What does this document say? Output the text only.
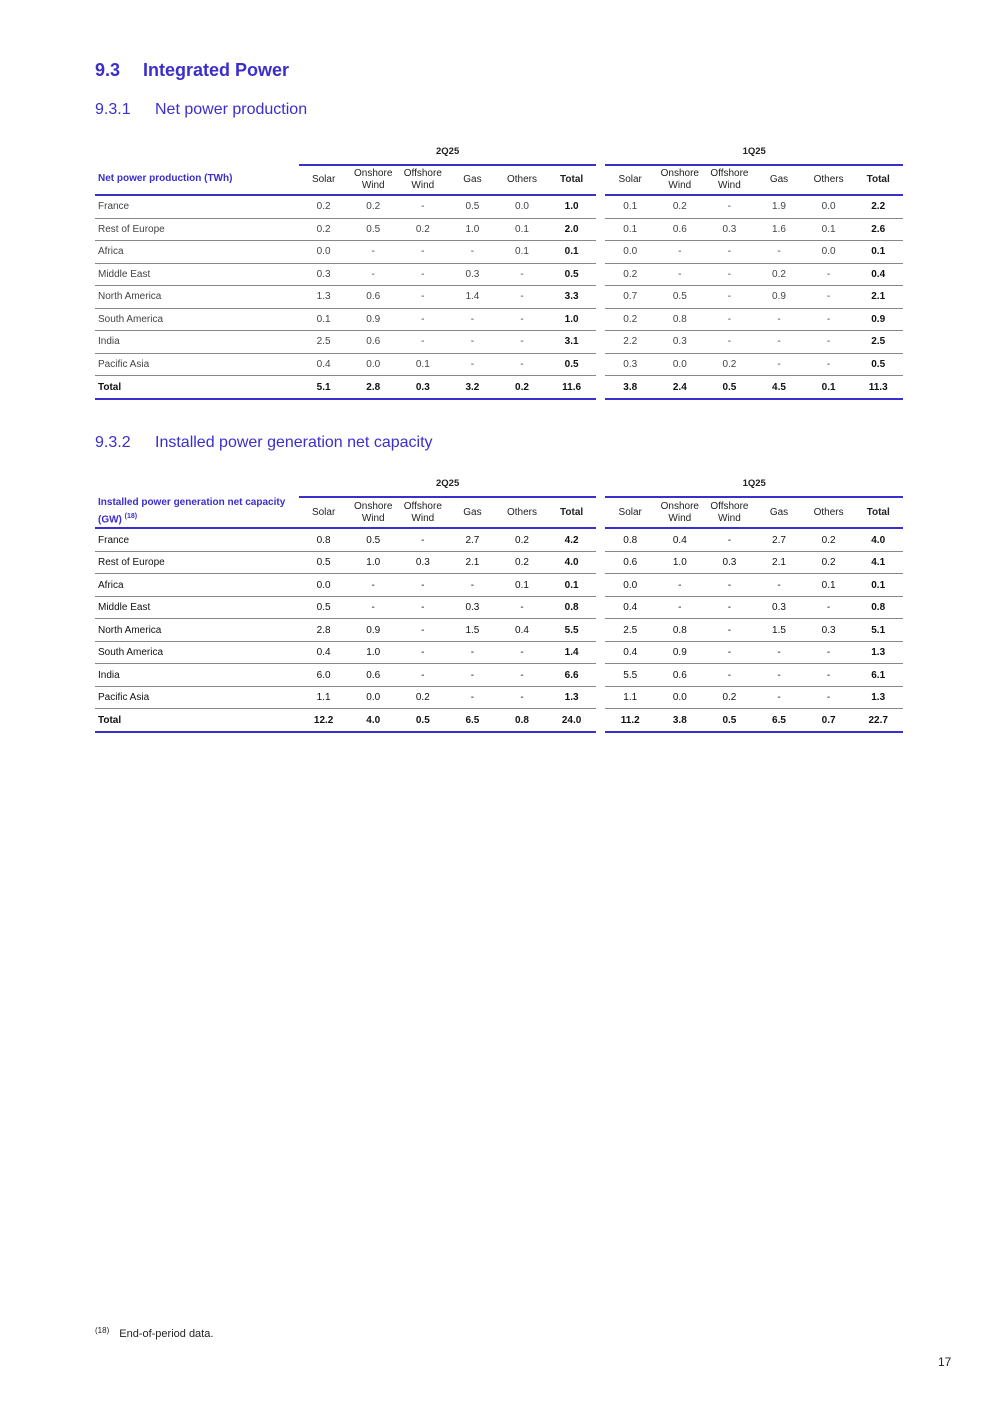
9.3 Integrated Power
9.3.1 Net power production
	2Q25							1Q25					
Net power production (TWh)	Solar	Onshore Wind	Offshore Wind	Gas	Others	Total		Solar	Onshore Wind	Offshore Wind	Gas	Others	Total
France	0.2	0.2	-	0.5	0.0	1.0		0.1	0.2	-	1.9	0.0	2.2
Rest of Europe	0.2	0.5	0.2	1.0	0.1	2.0		0.1	0.6	0.3	1.6	0.1	2.6
Africa	0.0	-	-	-	0.1	0.1		0.0	-	-	-	0.0	0.1
Middle East	0.3	-	-	0.3	-	0.5		0.2	-	-	0.2	-	0.4
North America	1.3	0.6	-	1.4	-	3.3		0.7	0.5	-	0.9	-	2.1
South America	0.1	0.9	-	-	-	1.0		0.2	0.8	-	-	-	0.9
India	2.5	0.6	-	-	-	3.1		2.2	0.3	-	-	-	2.5
Pacific Asia	0.4	0.0	0.1	-	-	0.5		0.3	0.0	0.2	-	-	0.5
Total	5.1	2.8	0.3	3.2	0.2	11.6		3.8	2.4	0.5	4.5	0.1	11.3
9.3.2 Installed power generation net capacity
	2Q25							1Q25					
Installed power generation net capacity (GW) $^{(18)}$	Solar	Onshore Wind	Offshore Wind	Gas	Others	Total		Solar	Onshore Wind	Offshore Wind	Gas	Others	Total
France	0.8	0.5	-	2.7	0.2	4.2		0.8	0.4	-	2.7	0.2	4.0
Rest of Europe	0.5	1.0	0.3	2.1	0.2	4.0		0.6	1.0	0.3	2.1	0.2	4.1
Africa	0.0	-	-	-	0.1	0.1		0.0	-	-	-	0.1	0.1
Middle East	0.5	-	-	0.3	-	0.8		0.4	-	-	0.3	-	0.8
North America	2.8	0.9	-	1.5	0.4	5.5		2.5	0.8	-	1.5	0.3	5.1
South America	0.4	1.0	-	-	-	1.4		0.4	0.9	-	-	-	1.3
India	6.0	0.6	-	-	-	6.6		5.5	0.6	-	-	-	6.1
Pacific Asia	1.1	0.0	0.2	-	-	1.3		1.1	0.0	0.2	-	-	1.3
Total	12.2	4.0	0.5	6.5	0.8	24.0		11.2	3.8	0.5	6.5	0.7	22.7
$^{(18)}$ End-of-period data.
17
